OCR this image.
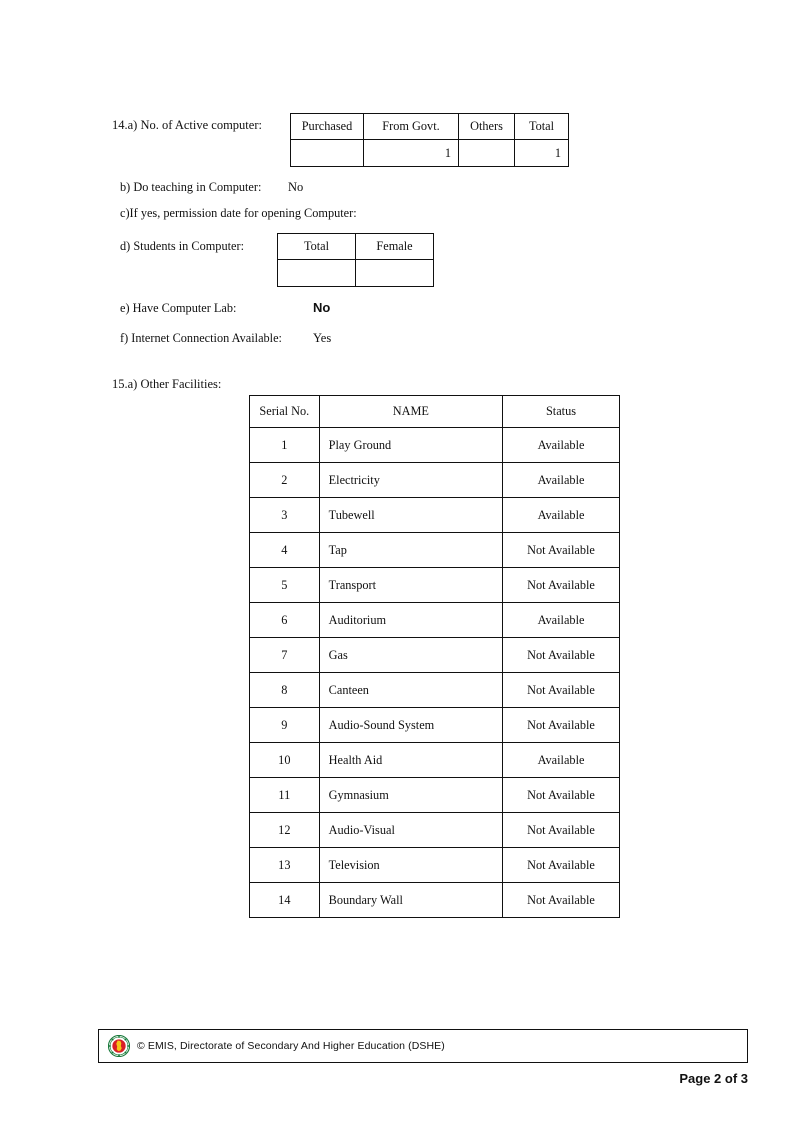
14.a) No. of Active computer:	Purchased	From Govt.	Others	Total
	1		1
b) Do teaching in Computer: No
c)If yes, permission date for opening Computer:
d) Students in Computer:	Total	Female

e) Have Computer Lab:	No
f) Internet Connection Available: Yes
15.a) Other Facilities:
Serial No.	NAME	Status
1	Play Ground	Available
2	Electricity	Available
3	Tubewell	Available
4	Tap	Not Available
5	Transport	Not Available
6	Auditorium	Available
7	Gas	Not Available
8	Canteen	Not Available
9	Audio-Sound System	Not Available
10	Health Aid	Available
11	Gymnasium	Not Available
12	Audio-Visual	Not Available
13	Television	Not Available
14	Boundary Wall	Not Available
© EMIS, Directorate of Secondary And Higher Education (DSHE)
Page 2 of 3
